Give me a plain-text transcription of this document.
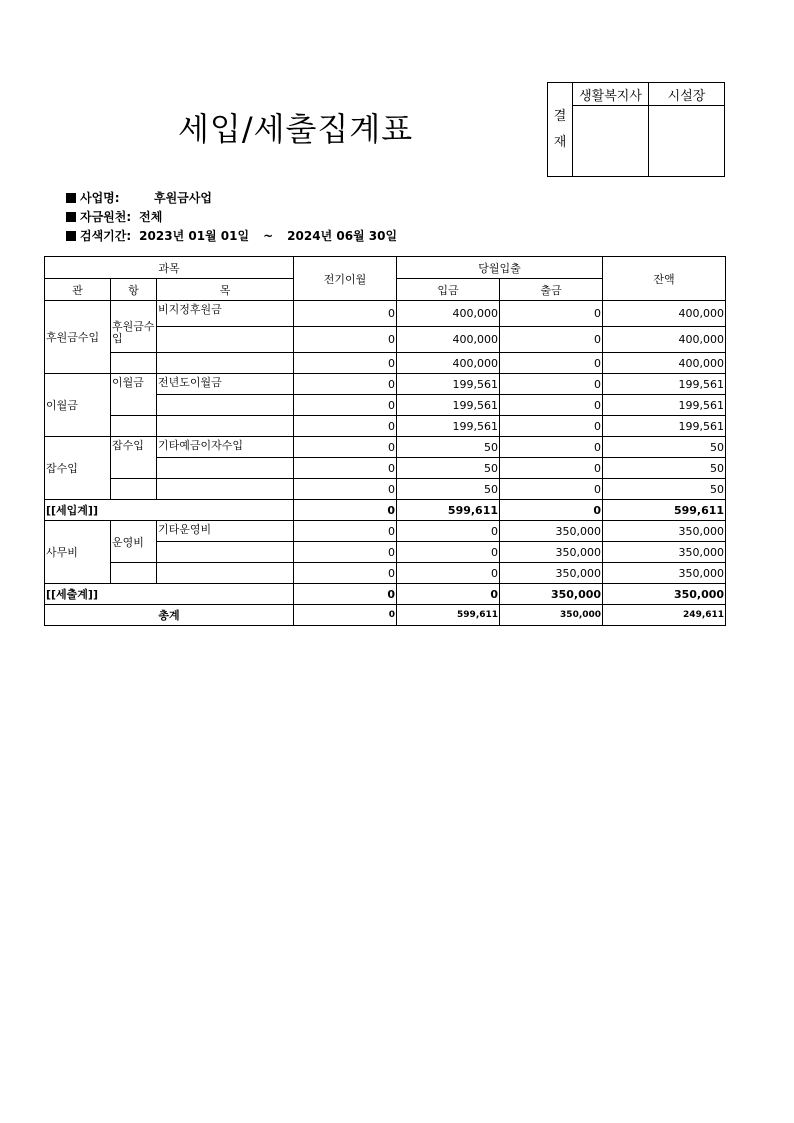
세입/세출집계표	결
재	생활복지사	시설장

사업명:	후원금사업
자금원천: 전체
검색기간: 2023년 01월 01일 ~ 2024년 06월 30일
과목			전기이월	당월입출		잔액
관	항	목		입금	출금	
후원금수입	후원금수입	비지정후원금	0	400,000	0	400,000
			0	400,000	0	400,000
			0	400,000	0	400,000
이월금	이월금	전년도이월금	0	199,561	0	199,561
			0	199,561	0	199,561
			0	199,561	0	199,561
잡수입	잡수입	기타예금이자수입	0	50	0	50
			0	50	0	50
			0	50	0	50
[[세입계]]			0	599,611	0	599,611
사무비	운영비	기타운영비	0	0	350,000	350,000
			0	0	350,000	350,000
			0	0	350,000	350,000
[[세출계]]			0	0	350,000	350,000
총계			0	599,611	350,000	249,611
